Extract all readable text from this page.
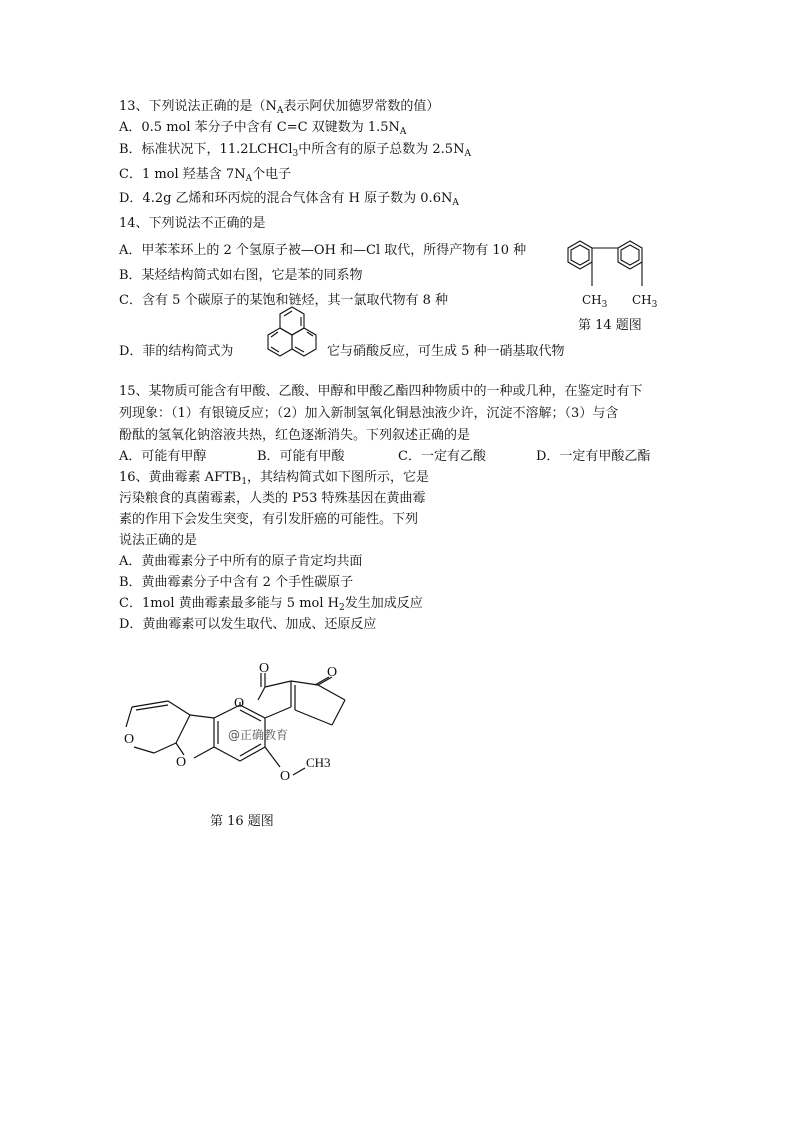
13、下列说法正确的是（$N_A$表示阿伏加德罗常数的值）
A．0.5 mol 苯分子中含有 C=C 双键数为 $1.5N_A$
B．标准状况下，11.2LCHCl$_3$中所含有的原子总数为 $2.5N_A$
C．1 mol 羟基含 $7N_A$个电子
D．4.2g 乙烯和环丙烷的混合气体含有 H 原子数为 $0.6N_A$
14、下列说法不正确的是
A．甲苯苯环上的 2 个氢原子被—OH 和—Cl 取代，所得产物有 10 种
B．某烃结构简式如右图，它是苯的同系物
C．含有 5 个碳原子的某饱和链烃，其一氯取代物有 8 种
D．菲的结构简式为	它与硝酸反应，可生成 5 种一硝基取代物
$CH_3$ $CH_3$
第 14 题图
15、某物质可能含有甲酸、乙酸、甲醇和甲酸乙酯四种物质中的一种或几种，在鉴定时有下
列现象：（1）有银镜反应；（2）加入新制氢氧化铜悬浊液少许，沉淀不溶解；（3）与含
酚酞的氢氧化钠溶液共热，红色逐渐消失。下列叙述正确的是
A．可能有甲醇	B．可能有甲酸	C．一定有乙酸	D．一定有甲酸乙酯
16、黄曲霉素 $AFTB_1$，其结构简式如下图所示，它是
污染粮食的真菌霉素，人类的 P53 特殊基因在黄曲霉
素的作用下会发生突变，有引发肝癌的可能性。下列
说法正确的是
A．黄曲霉素分子中所有的原子肯定均共面
B．黄曲霉素分子中含有 2 个手性碳原子
C．1mol 黄曲霉素最多能与 5 mol $H_2$发生加成反应
D．黄曲霉素可以发生取代、加成、还原反应
O	O
O
O
O
O
CH3
@正确教育
第 16 题图
